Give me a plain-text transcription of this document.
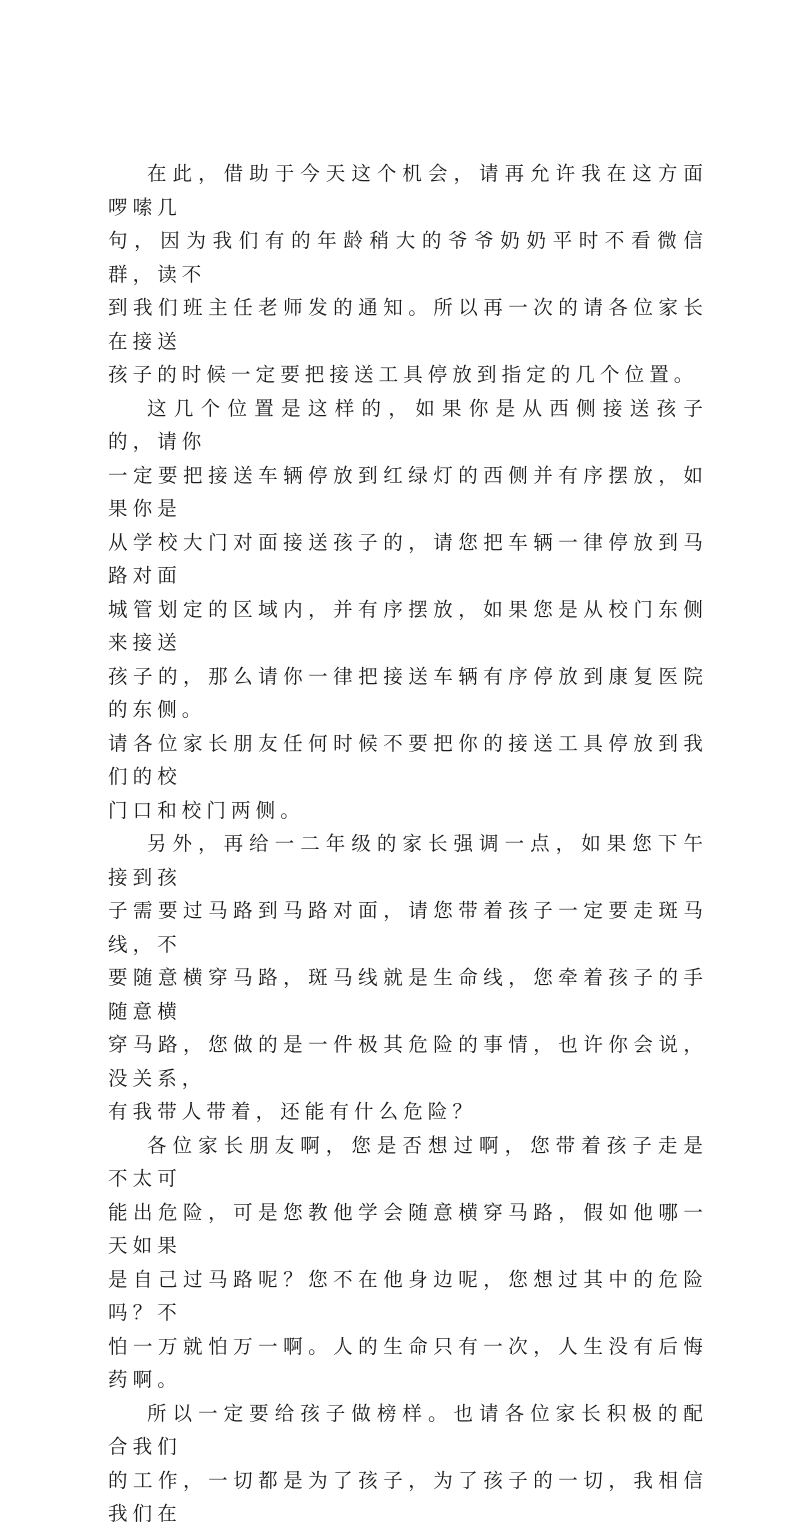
在此，借助于今天这个机会，请再允许我在这方面啰嗦几
句，因为我们有的年龄稍大的爷爷奶奶平时不看微信群，读不
到我们班主任老师发的通知。所以再一次的请各位家长在接送
孩子的时候一定要把接送工具停放到指定的几个位置。

这几个位置是这样的，如果你是从西侧接送孩子的，请你
一定要把接送车辆停放到红绿灯的西侧并有序摆放，如果你是
从学校大门对面接送孩子的，请您把车辆一律停放到马路对面
城管划定的区域内，并有序摆放，如果您是从校门东侧来接送
孩子的，那么请你一律把接送车辆有序停放到康复医院的东侧。
请各位家长朋友任何时候不要把你的接送工具停放到我们的校
门口和校门两侧。

另外，再给一二年级的家长强调一点，如果您下午接到孩
子需要过马路到马路对面，请您带着孩子一定要走斑马线，不
要随意横穿马路，斑马线就是生命线，您牵着孩子的手随意横
穿马路，您做的是一件极其危险的事情，也许你会说，没关系，
有我带人带着，还能有什么危险？

各位家长朋友啊，您是否想过啊，您带着孩子走是不太可
能出危险，可是您教他学会随意横穿马路，假如他哪一天如果
是自己过马路呢？您不在他身边呢，您想过其中的危险吗？不
怕一万就怕万一啊。人的生命只有一次，人生没有后悔药啊。

所以一定要给孩子做榜样。也请各位家长积极的配合我们
的工作，一切都是为了孩子，为了孩子的一切，我相信我们在
